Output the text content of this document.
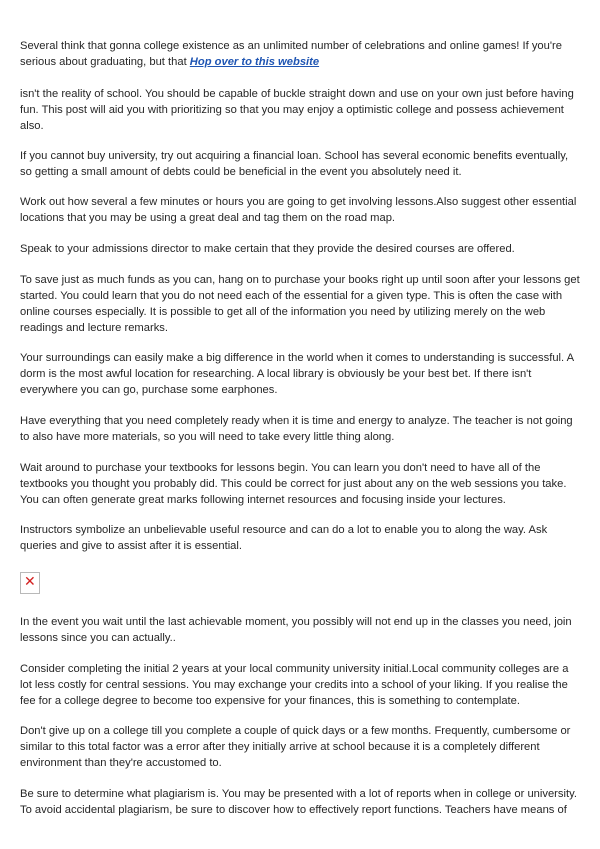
Several think that gonna college existence as an unlimited number of celebrations and online games! If you're serious about graduating, but that Hop over to this website

isn't the reality of school. You should be capable of buckle straight down and use on your own just before having fun. This post will aid you with prioritizing so that you may enjoy a optimistic college and possess achievement also.

If you cannot buy university, try out acquiring a financial loan. School has several economic benefits eventually, so getting a small amount of debts could be beneficial in the event you absolutely need it.

Work out how several a few minutes or hours you are going to get involving lessons.Also suggest other essential locations that you may be using a great deal and tag them on the road map.

Speak to your admissions director to make certain that they provide the desired courses are offered.

To save just as much funds as you can, hang on to purchase your books right up until soon after your lessons get started. You could learn that you do not need each of the essential for a given type. This is often the case with online courses especially. It is possible to get all of the information you need by utilizing merely on the web readings and lecture remarks.

Your surroundings can easily make a big difference in the world when it comes to understanding is successful. A dorm is the most awful location for researching. A local library is obviously be your best bet. If there isn't everywhere you can go, purchase some earphones.

Have everything that you need completely ready when it is time and energy to analyze. The teacher is not going to also have more materials, so you will need to take every little thing along.

Wait around to purchase your textbooks for lessons begin. You can learn you don't need to have all of the textbooks you thought you probably did. This could be correct for just about any on the web sessions you take. You can often generate great marks following internet resources and focusing inside your lectures.

Instructors symbolize an unbelievable useful resource and can do a lot to enable you to along the way. Ask queries and give to assist after it is essential.

In the event you wait until the last achievable moment, you possibly will not end up in the classes you need, join lessons since you can actually..

Consider completing the initial 2 years at your local community university initial.Local community colleges are a lot less costly for central sessions. You may exchange your credits into a school of your liking. If you realise the fee for a college degree to become too expensive for your finances, this is something to contemplate.

Don't give up on a college till you complete a couple of quick days or a few months. Frequently, cumbersome or similar to this total factor was a error after they initially arrive at school because it is a completely different environment than they're accustomed to.

Be sure to determine what plagiarism is. You may be presented with a lot of reports when in college or university. To avoid accidental plagiarism, be sure to discover how to effectively report functions. Teachers have means of

✕
